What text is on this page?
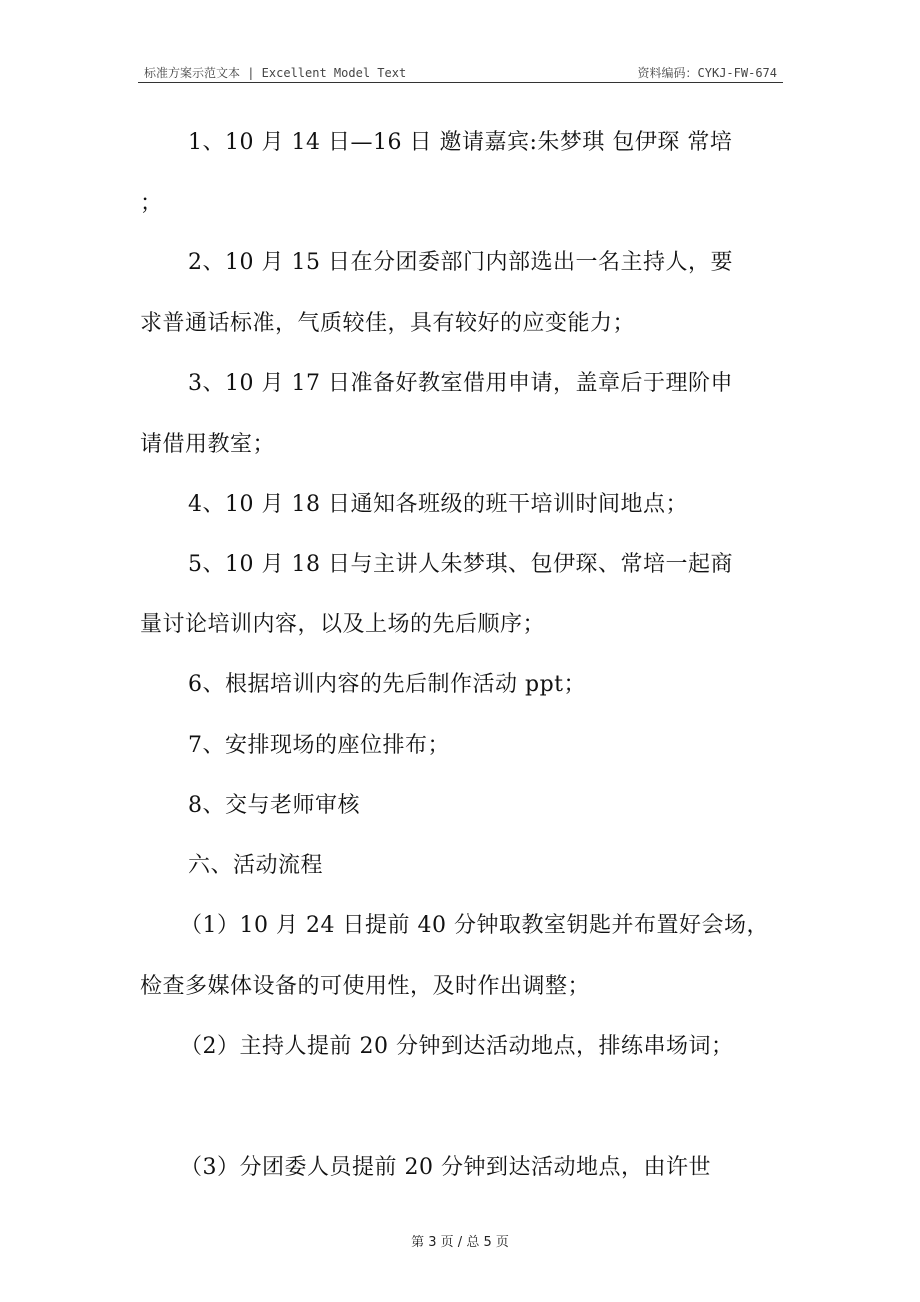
标准方案示范文本 | Excellent Model Text	资料编码：CYKJ-FW-674
1、10 月 14 日—16 日 邀请嘉宾:朱梦琪 包伊琛 常培
；
2、10 月 15 日在分团委部门内部选出一名主持人，要
求普通话标准，气质较佳，具有较好的应变能力；
3、10 月 17 日准备好教室借用申请，盖章后于理阶申
请借用教室；
4、10 月 18 日通知各班级的班干培训时间地点；
5、10 月 18 日与主讲人朱梦琪、包伊琛、常培一起商
量讨论培训内容，以及上场的先后顺序；
6、根据培训内容的先后制作活动 ppt；
7、安排现场的座位排布；
8、交与老师审核
六、活动流程
（1）10 月 24 日提前 40 分钟取教室钥匙并布置好会场，
检查多媒体设备的可使用性，及时作出调整；
（2）主持人提前 20 分钟到达活动地点，排练串场词；
（3）分团委人员提前 20 分钟到达活动地点，由许世
第 3 页 / 总 5 页
